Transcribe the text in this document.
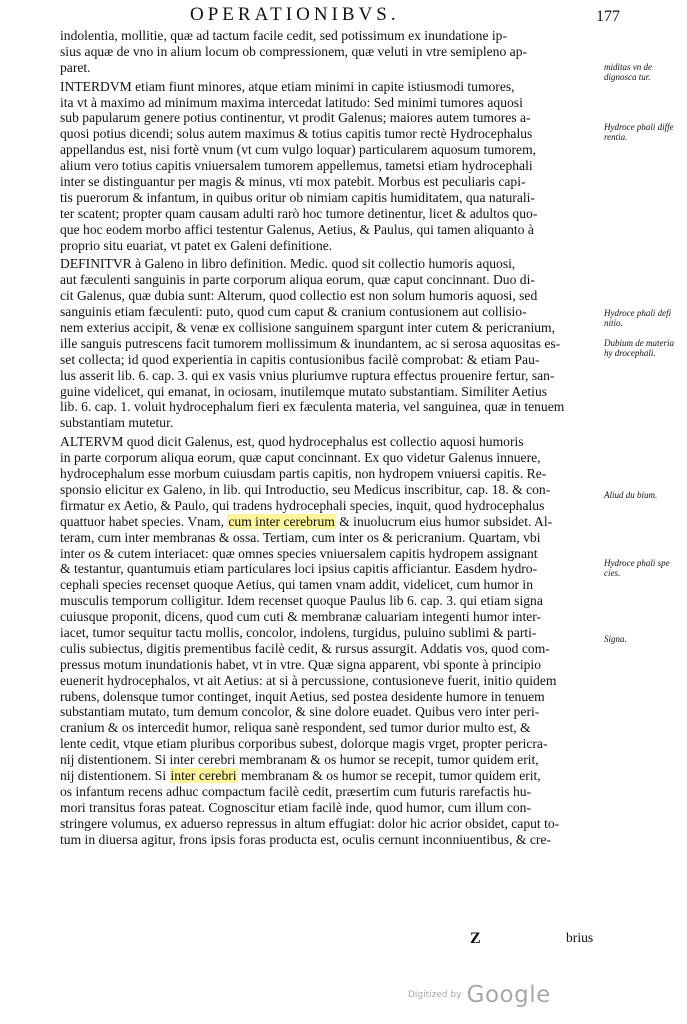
OPERATIONIBVS.	177
miditas vn de dignosca tur.
Hydroce phali diffe rentia.
Hydroce phali defi nitio.
Dubium de materia hy drocephali.
Aliud du bium.
Hydroce phali spe cies.
Signa.
indolentia, mollitie, quæ ad tactum facile cedit, sed potissimum ex inundatione ip-
sius aquæ de vno in alium locum ob compressionem, quæ veluti in vtre semipleno ap-
paret.
INTERDVM etiam fiunt minores, atque etiam minimi in capite istiusmodi tumores,
ita vt à maximo ad minimum maxima intercedat latitudo: Sed minimi tumores aquosi
sub papularum genere potius continentur, vt prodit Galenus; maiores autem tumores a-
quosi potius dicendi; solus autem maximus & totius capitis tumor rectè Hydrocephalus
appellandus est, nisi fortè vnum (vt cum vulgo loquar) particularem aquosum tumorem,
alium vero totius capitis vniuersalem tumorem appellemus, tametsi etiam hydrocephali
inter se distinguantur per magis & minus, vti mox patebit. Morbus est peculiaris capi-
tis puerorum & infantum, in quibus oritur ob nimiam capitis humiditatem, qua naturali-
ter scatent; propter quam causam adulti rarò hoc tumore detinentur, licet & adultos quo-
que hoc eodem morbo affici testentur Galenus, Aetius, & Paulus, qui tamen aliquanto à
proprio situ euariat, vt patet ex Galeni definitione.
DEFINITVR à Galeno in libro definition. Medic. quod sit collectio humoris aquosi,
aut fæculenti sanguinis in parte corporum aliqua eorum, quæ caput concinnant. Duo di-
cit Galenus, quæ dubia sunt: Alterum, quod collectio est non solum humoris aquosi, sed
sanguinis etiam fæculenti: puto, quod cum caput & cranium contusionem aut collisio-
nem exterius accipit, & venæ ex collisione sanguinem spargunt inter cutem & pericranium,
ille sanguis putrescens facit tumorem mollissimum & inundantem, ac si serosa aquositas es-
set collecta; id quod experientia in capitis contusionibus facilè comprobat: & etiam Pau-
lus asserit lib. 6. cap. 3. qui ex vasis vnius pluriumve ruptura effectus prouenire fertur, san-
guine videlicet, qui emanat, in ociosam, inutilemque mutato substantiam. Similiter Aetius
lib. 6. cap. 1. voluit hydrocephalum fieri ex fæculenta materia, vel sanguinea, quæ in tenuem
substantiam mutetur.
ALTERVM quod dicit Galenus, est, quod hydrocephalus est collectio aquosi humoris
in parte corporum aliqua eorum, quæ caput concinnant. Ex quo videtur Galenus innuere,
hydrocephalum esse morbum cuiusdam partis capitis, non hydropem vniuersi capitis. Re-
sponsio elicitur ex Galeno, in lib. qui Introductio, seu Medicus inscribitur, cap. 18. & con-
firmatur ex Aetio, & Paulo, qui tradens hydrocephali species, inquit, quod hydrocephalus
quattuor habet species. Vnam, cum inter cerebrum & inuolucrum eius humor subsidet. Al-
teram, cum inter membranas & ossa. Tertiam, cum inter os & pericranium. Quartam, vbi
inter os & cutem interiacet: quæ omnes species vniuersalem capitis hydropem assignant
& testantur, quantumuis etiam particulares loci ipsius capitis afficiantur. Easdem hydro-
cephali species recenset quoque Aetius, qui tamen vnam addit, videlicet, cum humor in
musculis temporum colligitur. Idem recenset quoque Paulus lib 6. cap. 3. qui etiam signa
cuiusque proponit, dicens, quod cum cuti & membranæ caluariam integenti humor inter-
iacet, tumor sequitur tactu mollis, concolor, indolens, turgidus, puluino sublimi & parti-
culis subiectus, digitis prementibus facilè cedit, & rursus assurgit. Addatis vos, quod com-
pressus motum inundationis habet, vt in vtre. Quæ signa apparent, vbi sponte à principio
euenerit hydrocephalos, vt ait Aetius: at si à percussione, contusioneve fuerit, initio quidem
rubens, dolensque tumor continget, inquit Aetius, sed postea desidente humore in tenuem
substantiam mutato, tum demum concolor, & sine dolore euadet. Quibus vero inter peri-
cranium & os intercedit humor, reliqua sanè respondent, sed tumor durior multo est, &
lente cedit, vtque etiam pluribus corporibus subest, dolorque magis vrget, propter pericra-
nij distentionem. Si inter cerebri membranam & os humor se recepit, tumor quidem erit,
nij distentionem. Si inter cerebri membranam & os humor se recepit, tumor quidem erit,
os infantum recens adhuc compactum facilè cedit, præsertim cum futuris rarefactis hu-
mori transitus foras pateat. Cognoscitur etiam facilè inde, quod humor, cum illum con-
stringere volumus, ex aduerso repressus in altum effugiat: dolor hic acrior obsidet, caput to-
tum in diuersa agitur, frons ipsis foras producta est, oculis cernunt inconniuentibus, & cre-
Z	brius
Digitized by Google
